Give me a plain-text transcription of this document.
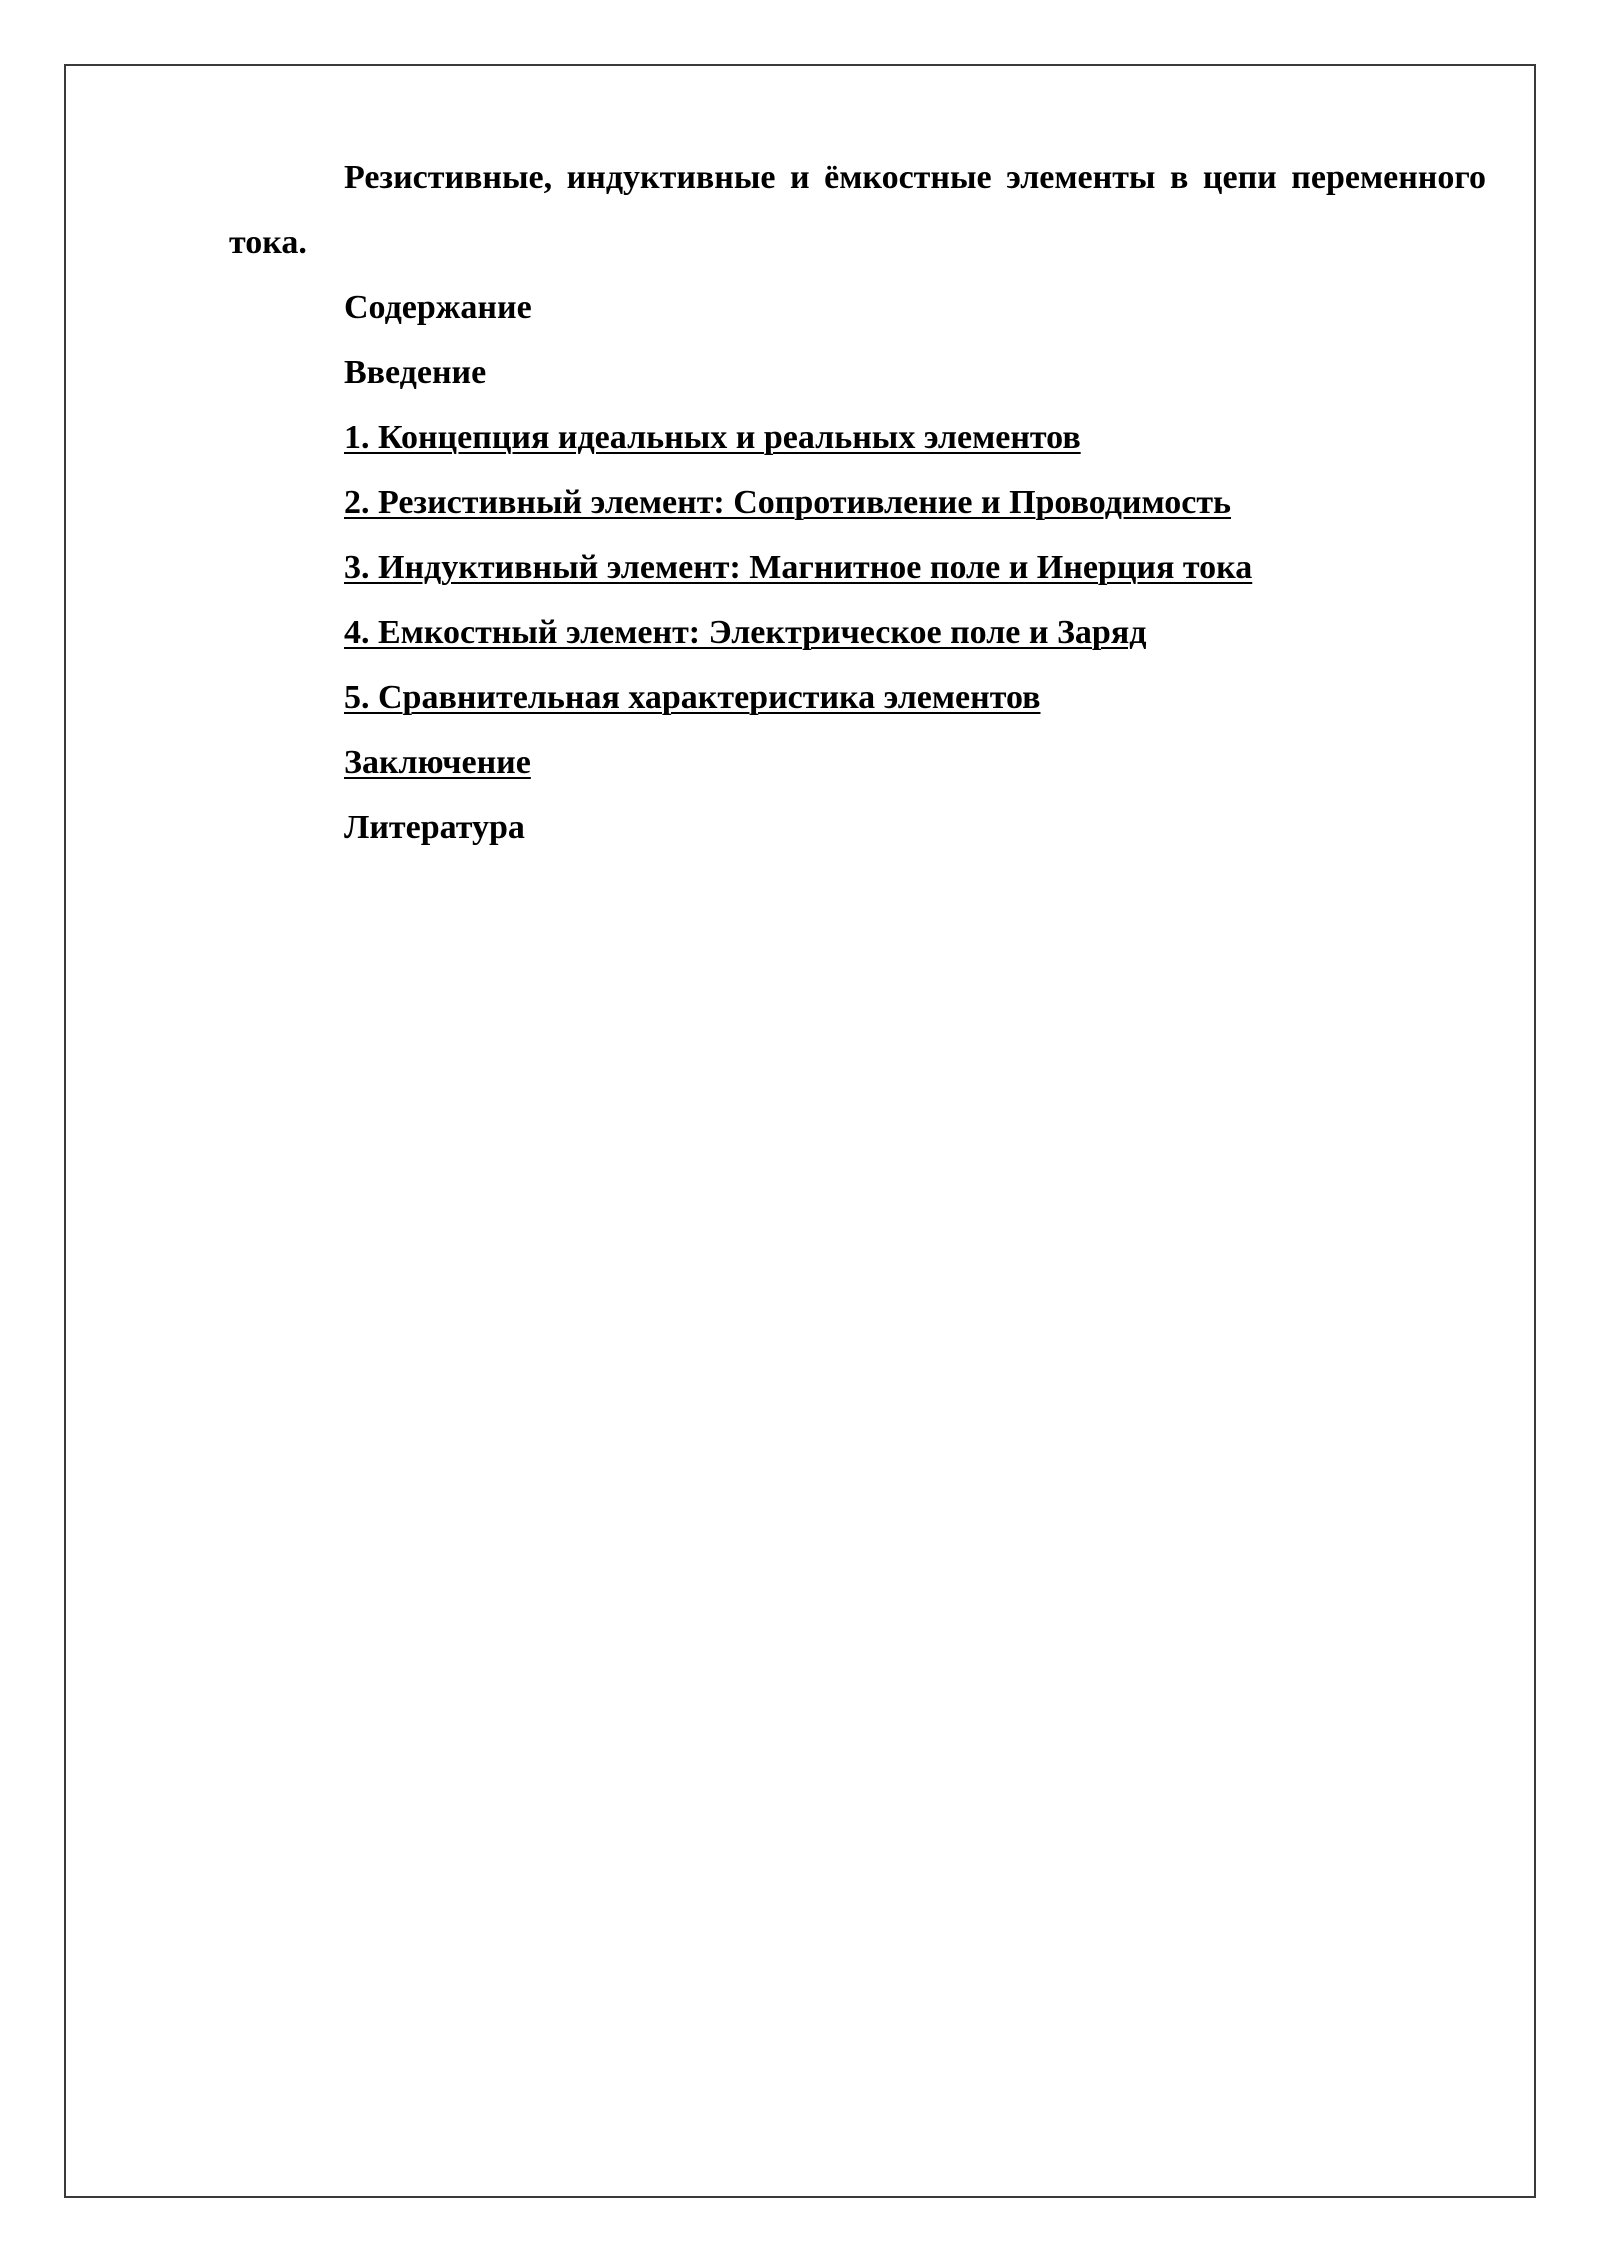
Резистивные, индуктивные и ёмкостные элементы в цепи переменного тока.

Содержание

Введение

1. Концепция идеальных и реальных элементов

2. Резистивный элемент: Сопротивление и Проводимость

3. Индуктивный элемент: Магнитное поле и Инерция тока

4. Емкостный элемент: Электрическое поле и Заряд

5. Сравнительная характеристика элементов

Заключение

Литература
